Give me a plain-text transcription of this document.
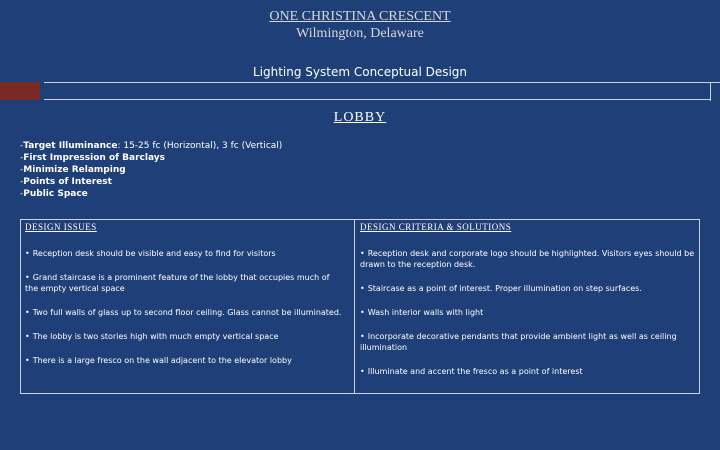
ONE CHRISTINA CRESCENT
Wilmington, Delaware
Lighting System Conceptual Design
LOBBY
-Target Illuminance: 15-25 fc (Horizontal), 3 fc (Vertical)
-First Impression of Barclays
-Minimize Relamping
-Points of Interest
-Public Space
DESIGN ISSUES
• Reception desk should be visible and easy to find for visitors
• Grand staircase is a prominent feature of the lobby that occupies much of the empty vertical space
• Two full walls of glass up to second floor ceiling. Glass cannot be illuminated.
• The lobby is two stories high with much empty vertical space
• There is a large fresco on the wall adjacent to the elevator lobby
DESIGN CRITERIA & SOLUTIONS
• Reception desk and corporate logo should be highlighted. Visitors eyes should be drawn to the reception desk.
• Staircase as a point of interest. Proper illumination on step surfaces.
• Wash interior walls with light
• Incorporate decorative pendants that provide ambient light as well as ceiling illumination
• Illuminate and accent the fresco as a point of interest
